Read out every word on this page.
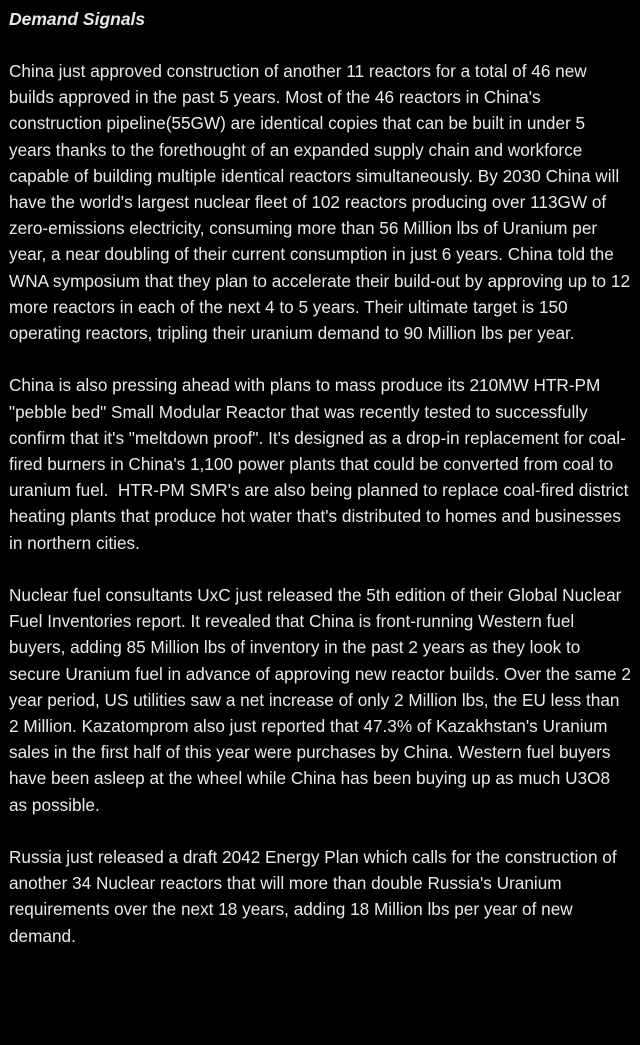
Demand Signals

China just approved construction of another 11 reactors for a total of 46 new builds approved in the past 5 years. Most of the 46 reactors in China's construction pipeline(55GW) are identical copies that can be built in under 5 years thanks to the forethought of an expanded supply chain and workforce capable of building multiple identical reactors simultaneously. By 2030 China will have the world's largest nuclear fleet of 102 reactors producing over 113GW of zero-emissions electricity, consuming more than 56 Million lbs of Uranium per year, a near doubling of their current consumption in just 6 years. China told the WNA symposium that they plan to accelerate their build-out by approving up to 12 more reactors in each of the next 4 to 5 years. Their ultimate target is 150 operating reactors, tripling their uranium demand to 90 Million lbs per year.

China is also pressing ahead with plans to mass produce its 210MW HTR-PM "pebble bed" Small Modular Reactor that was recently tested to successfully confirm that it's "meltdown proof". It's designed as a drop-in replacement for coal-fired burners in China's 1,100 power plants that could be converted from coal to uranium fuel.  HTR-PM SMR's are also being planned to replace coal-fired district heating plants that produce hot water that's distributed to homes and businesses in northern cities.

Nuclear fuel consultants UxC just released the 5th edition of their Global Nuclear Fuel Inventories report. It revealed that China is front-running Western fuel buyers, adding 85 Million lbs of inventory in the past 2 years as they look to secure Uranium fuel in advance of approving new reactor builds. Over the same 2 year period, US utilities saw a net increase of only 2 Million lbs, the EU less than 2 Million. Kazatomprom also just reported that 47.3% of Kazakhstan's Uranium sales in the first half of this year were purchases by China. Western fuel buyers have been asleep at the wheel while China has been buying up as much U3O8 as possible.

Russia just released a draft 2042 Energy Plan which calls for the construction of another 34 Nuclear reactors that will more than double Russia's Uranium requirements over the next 18 years, adding 18 Million lbs per year of new demand.
